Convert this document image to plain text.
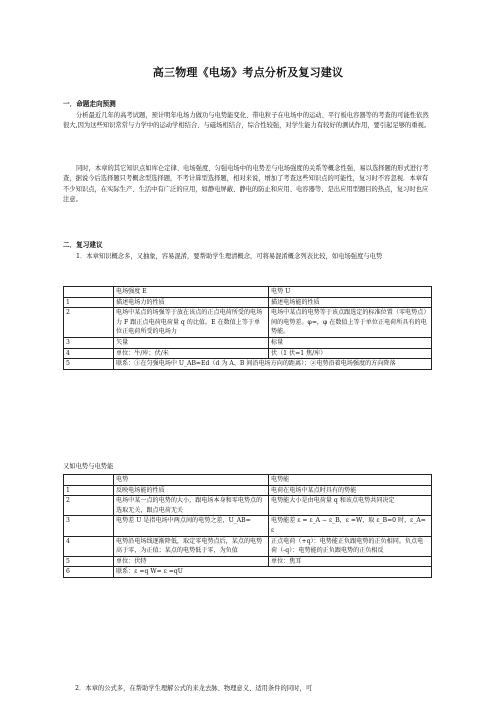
高三物理《电场》考点分析及复习建议
一．命题走向预测

分析最近几年的高考试题，预计明年电场力做功与电势能变化、带电粒子在电场中的运动、平行板电容器等的考查的可能性依然很大,因为这些知识常常与力学中的运动学相结合、与磁场相结合，综合性较强，对学生能力有较好的测试作用，要引起足够的重视。

同时，本章的其它知识点如库仑定律、电场强度、匀强电场中的电势差与电场强度的关系等概念性强，易以选择题的形式进行考查，据说今后选择题只考概念型选择题，不考计算型选择题，相对来说，增加了考查这些知识点的可能性，复习时不容忽视．本章有不少知识点，在实际生产、生活中有广泛的应用，如静电屏蔽、静电的防止和应用、电容器等、是出应用型题目的热点，复习时也应注意。

二．复习建议

1．本章知识概念多，又抽象，容易混淆，要帮助学生理清概念，可将易混淆概念列表比较，如电场强度与电势

	电场强度 E	电势 U
1	描述电场力的性质	描述电场能的性质
2	电场中某点的场强等于放在该点的正点电荷所受的电场力 F 跟正点电荷电荷量 q 的比值。E 在数值上等于单位正电荷所受的电场力	电场中某点的电势等于该点跟选定的标准位置（零电势点）间的电势差。φ=，φ 在数值上等于单位正电荷所具有的电势能。
3	矢量	标量
4	单位：牛/库；伏/米	伏（1 伏=1 焦/库）
5	联系：①在匀强电场中 U_AB=Ed（d 为 A、B 间沿电场方向的距离）；②电势沿着电场强度的方向降落	
又如电势与电势能
	电势	电势能
1	反映电场能的性质	电荷在电场中某点时具有的势能
2	电场中某一点的电势的大小，跟电场本身和零电势点的选取无关，跟点电荷无关	电势能大小是由电荷量 q 和该点电势共同决定
3	电势差 U 是指电场中两点间的电势之差，U_AB=	电势能差 ε = ε_A − ε_B，ε =W，取 ε_B=0 时，ε_A= ε
4	电势沿电场线逐渐降低，取定零电势点后，某点的电势高于零，为正值；某点的电势低于零，为负值	正点电荷（+q）：电势能正负跟电势的正负相同。负点电荷（-q）：电势能的正负跟电势的正负相反
5	单位：伏特	单位：焦耳
6	联系：ε =q W= ε =qU	
2．本章的公式多，在帮助学生理解公式的来龙去脉、物理意义、适用条件的同时，可
